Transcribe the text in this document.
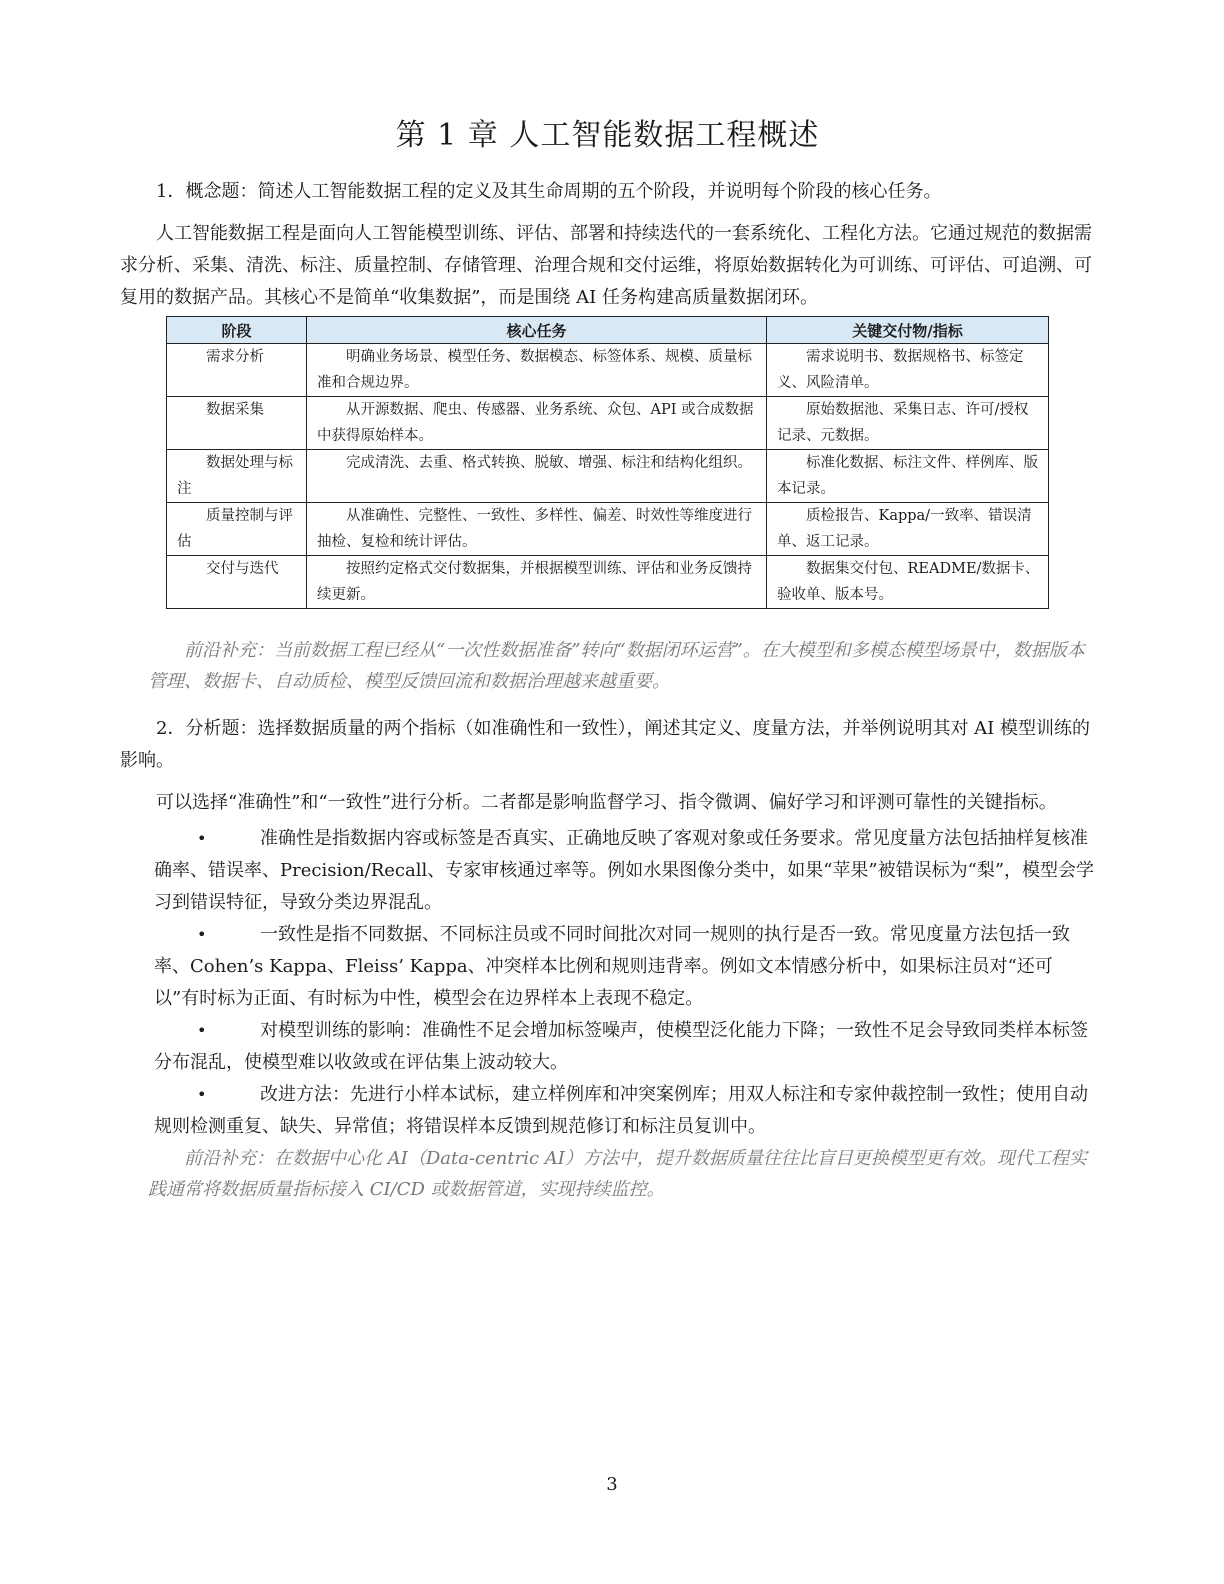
第 1 章 人工智能数据工程概述

1．概念题：简述人工智能数据工程的定义及其生命周期的五个阶段，并说明每个阶段的核心任务。

人工智能数据工程是面向人工智能模型训练、评估、部署和持续迭代的一套系统化、工程化方法。它通过规范的数据需求分析、采集、清洗、标注、质量控制、存储管理、治理合规和交付运维，将原始数据转化为可训练、可评估、可追溯、可复用的数据产品。其核心不是简单“收集数据”，而是围绕 AI 任务构建高质量数据闭环。

阶段	核心任务	关键交付物/指标

需求分析	明确业务场景、模型任务、数据模态、标签体系、规模、质量标准和合规边界。	需求说明书、数据规格书、标签定义、风险清单。

数据采集	从开源数据、爬虫、传感器、业务系统、众包、API 或合成数据中获得原始样本。	原始数据池、采集日志、许可/授权记录、元数据。

数据处理与标注	完成清洗、去重、格式转换、脱敏、增强、标注和结构化组织。	标准化数据、标注文件、样例库、版本记录。

质量控制与评估	从准确性、完整性、一致性、多样性、偏差、时效性等维度进行抽检、复检和统计评估。	质检报告、Kappa/一致率、错误清单、返工记录。

交付与迭代	按照约定格式交付数据集，并根据模型训练、评估和业务反馈持续更新。	数据集交付包、README/数据卡、验收单、版本号。
前沿补充：当前数据工程已经从“一次性数据准备”转向“数据闭环运营”。在大模型和多模态模型场景中，数据版本管理、数据卡、自动质检、模型反馈回流和数据治理越来越重要。

2．分析题：选择数据质量的两个指标（如准确性和一致性），阐述其定义、度量方法，并举例说明其对 AI 模型训练的影响。

可以选择“准确性”和“一致性”进行分析。二者都是影响监督学习、指令微调、偏好学习和评测可靠性的关键指标。

•	准确性是指数据内容或标签是否真实、正确地反映了客观对象或任务要求。常见度量方法包括抽样复核准确率、错误率、Precision/Recall、专家审核通过率等。例如水果图像分类中，如果“苹果”被错误标为“梨”，模型会学习到错误特征，导致分类边界混乱。
•	一致性是指不同数据、不同标注员或不同时间批次对同一规则的执行是否一致。常见度量方法包括一致率、Cohen’s Kappa、Fleiss’ Kappa、冲突样本比例和规则违背率。例如文本情感分析中，如果标注员对“还可以”有时标为正面、有时标为中性，模型会在边界样本上表现不稳定。
•	对模型训练的影响：准确性不足会增加标签噪声，使模型泛化能力下降；一致性不足会导致同类样本标签分布混乱，使模型难以收敛或在评估集上波动较大。
•	改进方法：先进行小样本试标，建立样例库和冲突案例库；用双人标注和专家仲裁控制一致性；使用自动规则检测重复、缺失、异常值；将错误样本反馈到规范修订和标注员复训中。
前沿补充：在数据中心化 AI（Data-centric AI）方法中，提升数据质量往往比盲目更换模型更有效。现代工程实践通常将数据质量指标接入 CI/CD 或数据管道，实现持续监控。
3
